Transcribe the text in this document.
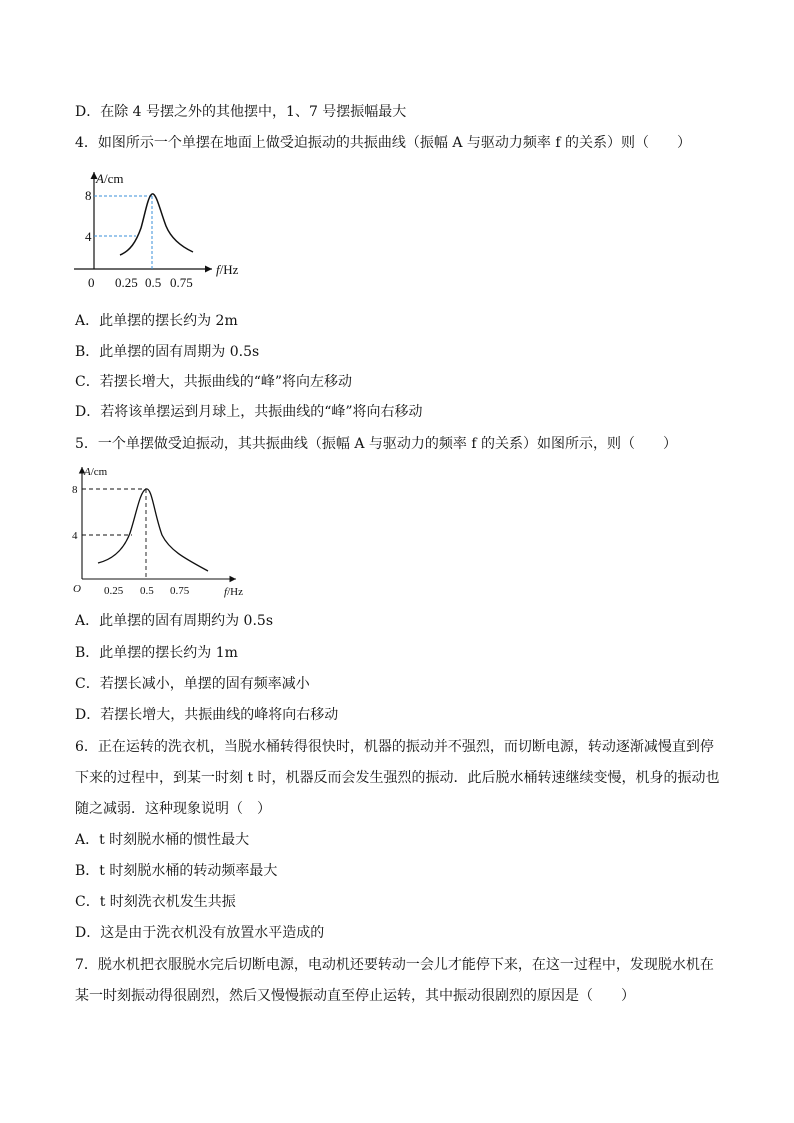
D．在除 4 号摆之外的其他摆中，1、7 号摆振幅最大
4．如图所示一个单摆在地面上做受迫振动的共振曲线（振幅 A 与驱动力频率 f 的关系）则（　　）
A/cm
f/Hz
8
4
0 0.25 0.5 0.75
A．此单摆的摆长约为 2m
B．此单摆的固有周期为 0.5s
C．若摆长增大，共振曲线的“峰”将向左移动
D．若将该单摆运到月球上，共振曲线的“峰”将向右移动
5．一个单摆做受迫振动，其共振曲线（振幅 A 与驱动力的频率 f 的关系）如图所示，则（　　）
A/cm
f/Hz
8
4
O 0.25 0.5 0.75
A．此单摆的固有周期约为 0.5s
B．此单摆的摆长约为 1m
C．若摆长减小，单摆的固有频率减小
D．若摆长增大，共振曲线的峰将向右移动
6．正在运转的洗衣机，当脱水桶转得很快时，机器的振动并不强烈，而切断电源，转动逐渐减慢直到停
下来的过程中，到某一时刻 t 时，机器反而会发生强烈的振动．此后脱水桶转速继续变慢，机身的振动也
随之减弱．这种现象说明（　）
A．t 时刻脱水桶的惯性最大
B．t 时刻脱水桶的转动频率最大
C．t 时刻洗衣机发生共振
D．这是由于洗衣机没有放置水平造成的
7．脱水机把衣服脱水完后切断电源，电动机还要转动一会儿才能停下来，在这一过程中，发现脱水机在
某一时刻振动得很剧烈，然后又慢慢振动直至停止运转，其中振动很剧烈的原因是（　　）
